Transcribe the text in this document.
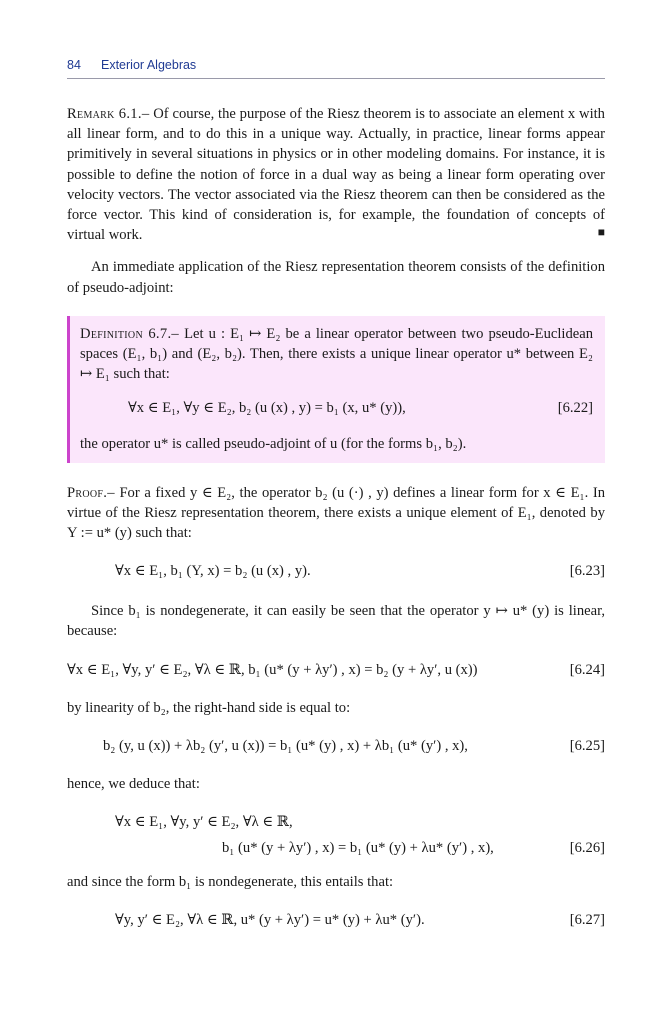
84 Exterior Algebras

Remark 6.1.– Of course, the purpose of the Riesz theorem is to associate an element x with all linear form, and to do this in a unique way. Actually, in practice, linear forms appear primitively in several situations in physics or in other modeling domains. For instance, it is possible to define the notion of force in a dual way as being a linear form operating over velocity vectors. The vector associated via the Riesz theorem can then be considered as the force vector. This kind of consideration is, for example, the foundation of concepts of virtual work.	■

An immediate application of the Riesz representation theorem consists of the definition of pseudo-adjoint:

Definition 6.7.– Let u : E₁ ↦ E₂ be a linear operator between two pseudo-Euclidean spaces (E₁, b₁) and (E₂, b₂). Then, there exists a unique linear operator u* between E₂ ↦ E₁ such that:

∀x ∈ E₁, ∀y ∈ E₂, b₂ (u (x) , y) = b₁ (x, u* (y)),	[6.22]

the operator u* is called pseudo-adjoint of u (for the forms b₁, b₂).

Proof.– For a fixed y ∈ E₂, the operator b₂ (u (·) , y) defines a linear form for x ∈ E₁. In virtue of the Riesz representation theorem, there exists a unique element of E₁, denoted by Y := u* (y) such that:

∀x ∈ E₁, b₁ (Y, x) = b₂ (u (x) , y).	[6.23]

Since b₁ is nondegenerate, it can easily be seen that the operator y ↦ u* (y) is linear, because:

∀x ∈ E₁, ∀y, y′ ∈ E₂, ∀λ ∈ ℝ, b₁ (u* (y + λy′) , x) = b₂ (y + λy′, u (x))	[6.24]

by linearity of b₂, the right-hand side is equal to:

b₂ (y, u (x)) + λb₂ (y′, u (x)) = b₁ (u* (y) , x) + λb₁ (u* (y′) , x),	[6.25]

hence, we deduce that:

∀x ∈ E₁, ∀y, y′ ∈ E₂, ∀λ ∈ ℝ,
b₁ (u* (y + λy′) , x) = b₁ (u* (y) + λu* (y′) , x),	[6.26]

and since the form b₁ is nondegenerate, this entails that:

∀y, y′ ∈ E₂, ∀λ ∈ ℝ, u* (y + λy′) = u* (y) + λu* (y′).	[6.27]
